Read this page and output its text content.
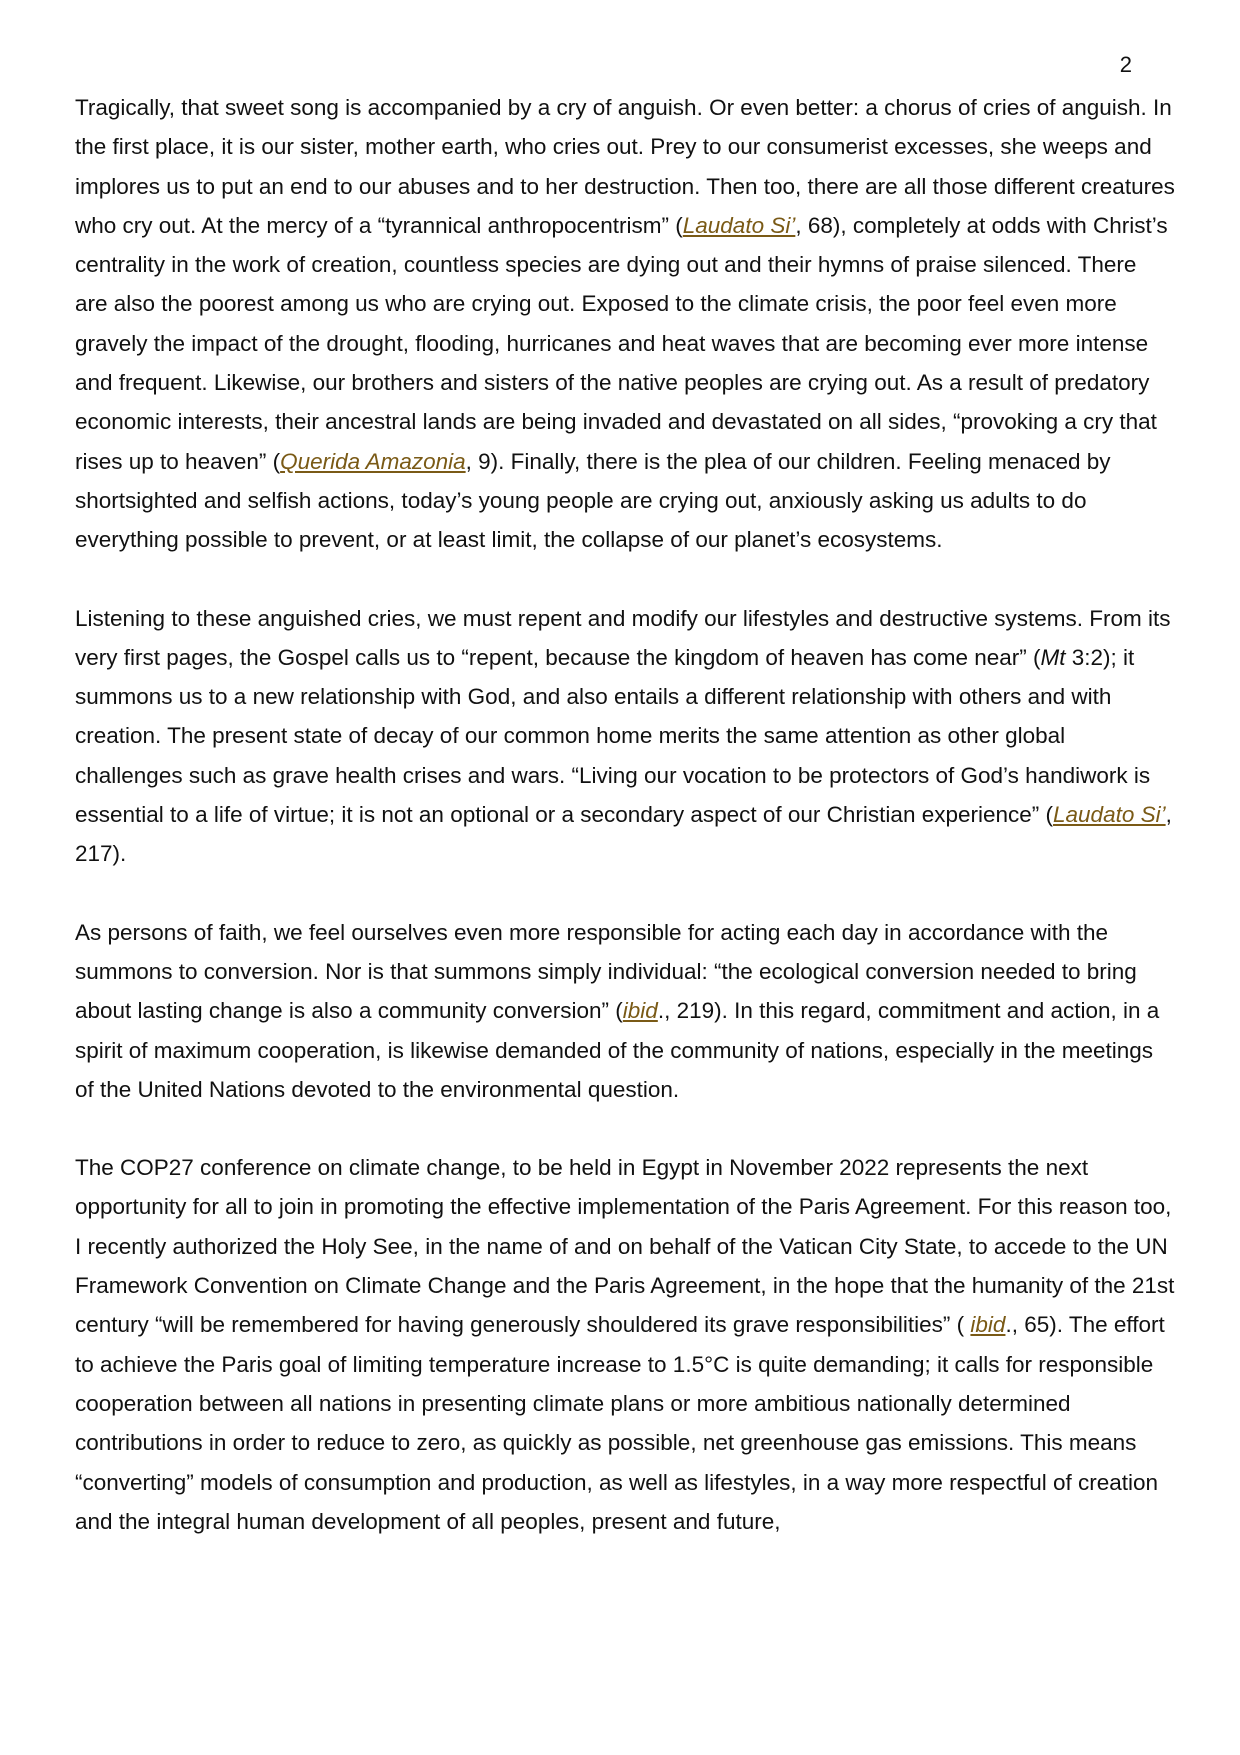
2

Tragically, that sweet song is accompanied by a cry of anguish. Or even better: a chorus of cries of anguish. In the first place, it is our sister, mother earth, who cries out. Prey to our consumerist excesses, she weeps and implores us to put an end to our abuses and to her destruction. Then too, there are all those different creatures who cry out. At the mercy of a “tyrannical anthropocentrism” (Laudato Si’, 68), completely at odds with Christ’s centrality in the work of creation, countless species are dying out and their hymns of praise silenced. There are also the poorest among us who are crying out. Exposed to the climate crisis, the poor feel even more gravely the impact of the drought, flooding, hurricanes and heat waves that are becoming ever more intense and frequent. Likewise, our brothers and sisters of the native peoples are crying out. As a result of predatory economic interests, their ancestral lands are being invaded and devastated on all sides, “provoking a cry that rises up to heaven” (Querida Amazonia, 9). Finally, there is the plea of our children. Feeling menaced by shortsighted and selfish actions, today’s young people are crying out, anxiously asking us adults to do everything possible to prevent, or at least limit, the collapse of our planet’s ecosystems.

Listening to these anguished cries, we must repent and modify our lifestyles and destructive systems. From its very first pages, the Gospel calls us to “repent, because the kingdom of heaven has come near” (Mt 3:2); it summons us to a new relationship with God, and also entails a different relationship with others and with creation. The present state of decay of our common home merits the same attention as other global challenges such as grave health crises and wars. “Living our vocation to be protectors of God’s handiwork is essential to a life of virtue; it is not an optional or a secondary aspect of our Christian experience” (Laudato Si’, 217).

As persons of faith, we feel ourselves even more responsible for acting each day in accordance with the summons to conversion. Nor is that summons simply individual: “the ecological conversion needed to bring about lasting change is also a community conversion” (ibid., 219). In this regard, commitment and action, in a spirit of maximum cooperation, is likewise demanded of the community of nations, especially in the meetings of the United Nations devoted to the environmental question.

The COP27 conference on climate change, to be held in Egypt in November 2022 represents the next opportunity for all to join in promoting the effective implementation of the Paris Agreement. For this reason too, I recently authorized the Holy See, in the name of and on behalf of the Vatican City State, to accede to the UN Framework Convention on Climate Change and the Paris Agreement, in the hope that the humanity of the 21st century “will be remembered for having generously shouldered its grave responsibilities” ( ibid., 65). The effort to achieve the Paris goal of limiting temperature increase to 1.5°C is quite demanding; it calls for responsible cooperation between all nations in presenting climate plans or more ambitious nationally determined contributions in order to reduce to zero, as quickly as possible, net greenhouse gas emissions. This means “converting” models of consumption and production, as well as lifestyles, in a way more respectful of creation and the integral human development of all peoples, present and future,
